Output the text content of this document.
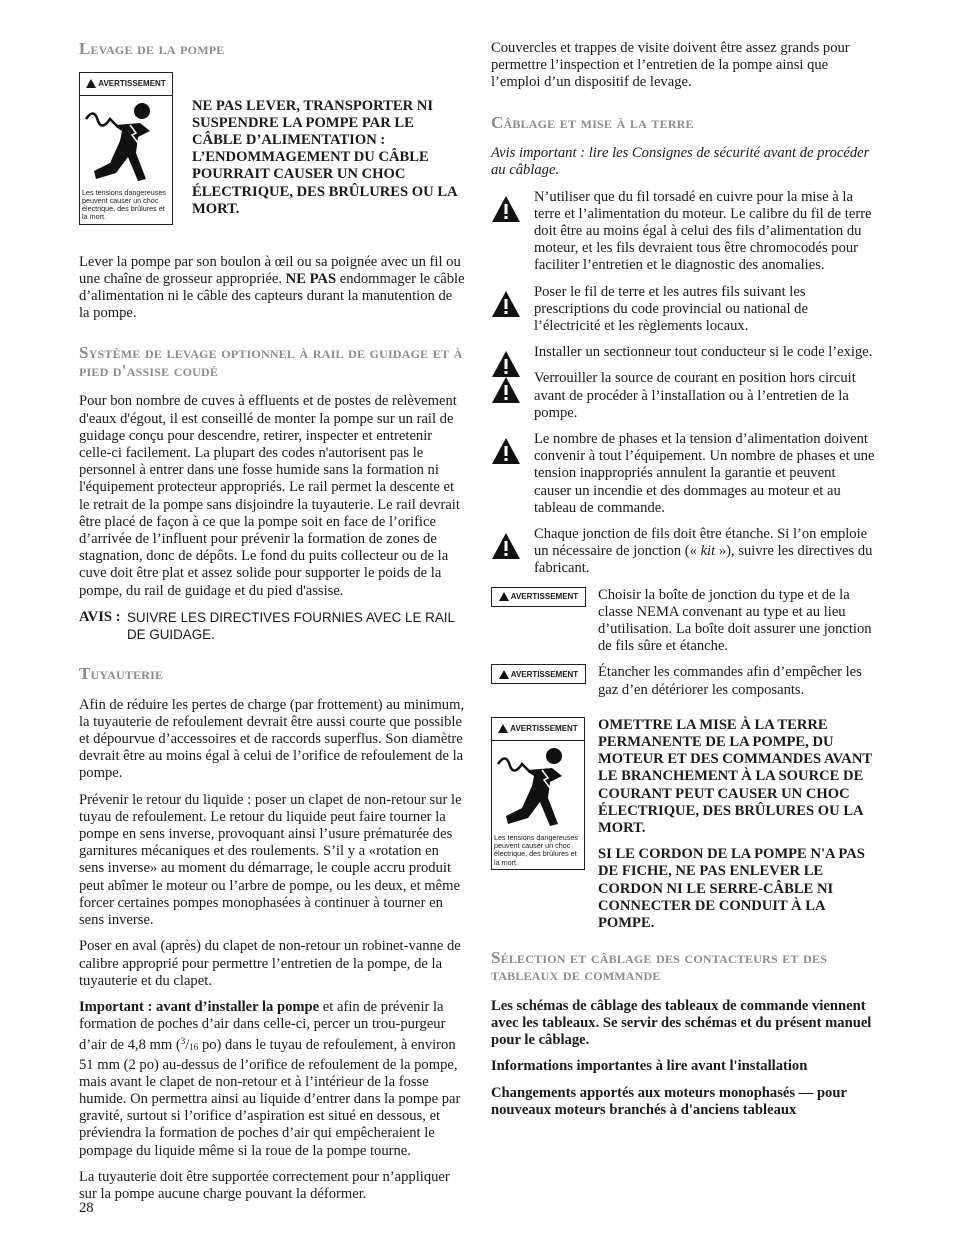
Levage de la pompe
AVERTISSEMENT
Les tensions dangereuses peuvent causer un choc électrique, des brûlures et la mort.
NE PAS LEVER, TRANSPORTER NI SUSPENDRE LA POMPE PAR LE CÂBLE D’ALIMENTATION : L’ENDOMMAGEMENT DU CÂBLE POURRAIT CAUSER UN CHOC ÉLECTRIQUE, DES BRÛLURES OU LA MORT.

Lever la pompe par son boulon à œil ou sa poignée avec un fil ou une chaîne de grosseur appropriée. NE PAS endommager le câble d’alimentation ni le câble des capteurs durant la manutention de la pompe.

Système de levage optionnel à rail de guidage et à pied d'assise coudé

Pour bon nombre de cuves à effluents et de postes de relèvement d'eaux d'égout, il est conseillé de monter la pompe sur un rail de guidage conçu pour descendre, retirer, inspecter et entretenir celle-ci facilement. La plupart des codes n'autorisent pas le personnel à entrer dans une fosse humide sans la formation ni l'équipement protecteur appropriés. Le rail permet la descente et le retrait de la pompe sans disjoindre la tuyauterie. Le rail devrait être placé de façon à ce que la pompe soit en face de l’orifice d’arrivée de l’influent pour prévenir la formation de zones de stagnation, donc de dépôts. Le fond du puits collecteur ou de la cuve doit être plat et assez solide pour supporter le poids de la pompe, du rail de guidage et du pied d'assise.

AVIS : SUIVRE LES DIRECTIVES FOURNIES AVEC LE RAIL DE GUIDAGE.
Tuyauterie

Afin de réduire les pertes de charge (par frottement) au minimum, la tuyauterie de refoulement devrait être aussi courte que possible et dépourvue d’accessoires et de raccords superflus. Son diamètre devrait être au moins égal à celui de l’orifice de refoulement de la pompe.

Prévenir le retour du liquide : poser un clapet de non-retour sur le tuyau de refoulement. Le retour du liquide peut faire tourner la pompe en sens inverse, provoquant ainsi l’usure prématurée des garnitures mécaniques et des roulements. S’il y a «rotation en sens inverse» au moment du démarrage, le couple accru produit peut abîmer le moteur ou l’arbre de pompe, ou les deux, et même forcer certaines pompes monophasées à continuer à tourner en sens inverse.

Poser en aval (après) du clapet de non-retour un robinet-vanne de calibre approprié pour permettre l’entretien de la pompe, de la tuyauterie et du clapet.

Important : avant d’installer la pompe et afin de prévenir la formation de poches d’air dans celle-ci, percer un trou-purgeur d’air de 4,8 mm ($^3/_{16}$ po) dans le tuyau de refoulement, à environ 51 mm (2 po) au-dessus de l’orifice de refoulement de la pompe, mais avant le clapet de non-retour et à l’intérieur de la fosse humide. On permettra ainsi au liquide d’entrer dans la pompe par gravité, surtout si l’orifice d’aspiration est situé en dessous, et préviendra la formation de poches d’air qui empêcheraient le pompage du liquide même si la roue de la pompe tourne.

La tuyauterie doit être supportée correctement pour n’appliquer sur la pompe aucune charge pouvant la déformer.

28

Couvercles et trappes de visite doivent être assez grands pour permettre l’inspection et l’entretien de la pompe ainsi que l’emploi d’un dispositif de levage.

Câblage et mise à la terre

Avis important : lire les Consignes de sécurité avant de procéder au câblage.

N’utiliser que du fil torsadé en cuivre pour la mise à la terre et l’alimentation du moteur. Le calibre du fil de terre doit être au moins égal à celui des fils d’alimentation du moteur, et les fils devraient tous être chromocodés pour faciliter l’entretien et le diagnostic des anomalies.
Poser le fil de terre et les autres fils suivant les prescriptions du code provincial ou national de l’électricité et les règlements locaux.
Installer un sectionneur tout conducteur si le code l’exige.
Verrouiller la source de courant en position hors circuit avant de procéder à l’installation ou à l’entretien de la pompe.
Le nombre de phases et la tension d’alimentation doivent convenir à tout l’équipement. Un nombre de phases et une tension inappropriés annulent la garantie et peuvent causer un incendie et des dommages au moteur et au tableau de commande.
Chaque jonction de fils doit être étanche. Si l’on emploie un nécessaire de jonction (« kit »), suivre les directives du fabricant.
AVERTISSEMENT Choisir la boîte de jonction du type et de la classe NEMA convenant au type et au lieu d’utilisation. La boîte doit assurer une jonction de fils sûre et étanche.
AVERTISSEMENT Étancher les commandes afin d’empêcher les gaz d’en détériorer les composants.
AVERTISSEMENT
Les tensions dangereuses peuvent causer un choc électrique, des brûlures et la mort.
OMETTRE LA MISE À LA TERRE PERMANENTE DE LA POMPE, DU MOTEUR ET DES COMMANDES AVANT LE BRANCHEMENT À LA SOURCE DE COURANT PEUT CAUSER UN CHOC ÉLECTRIQUE, DES BRÛLURES OU LA MORT.
SI LE CORDON DE LA POMPE N'A PAS DE FICHE, NE PAS ENLEVER LE CORDON NI LE SERRE-CÂBLE NI CONNECTER DE CONDUIT À LA POMPE.
Sélection et câblage des contacteurs et des tableaux de commande

Les schémas de câblage des tableaux de commande viennent avec les tableaux. Se servir des schémas et du présent manuel pour le câblage.

Informations importantes à lire avant l'installation

Changements apportés aux moteurs monophasés — pour nouveaux moteurs branchés à d'anciens tableaux
